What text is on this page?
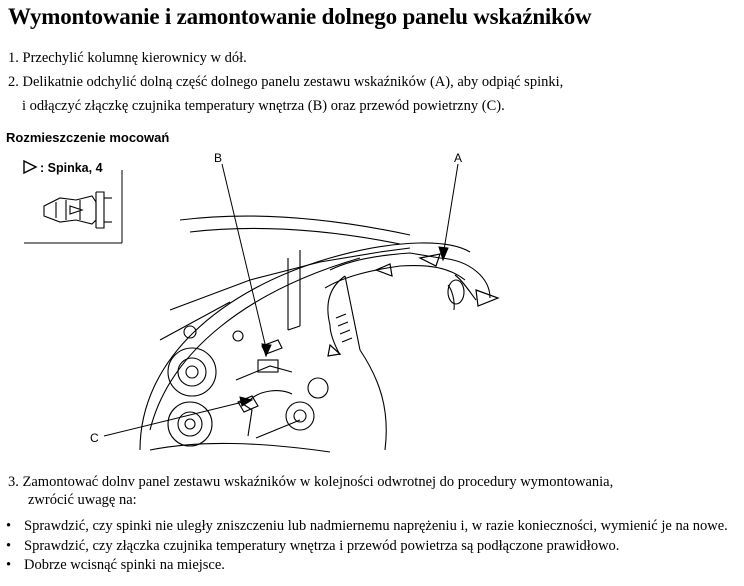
Wymontowanie i zamontowanie dolnego panelu wskaźników
1. Przechylić kolumnę kierownicy w dół.
2. Delikatnie odchylić dolną część dolnego panelu zestawu wskaźników (A), aby odpiąć spinki,
i odłączyć złączkę czujnika temperatury wnętrza (B) oraz przewód powietrzny (C).
Rozmieszczenie mocowań
: Spinka, 4
B	A
C
3. Zamontować dolnv panel zestawu wskaźników w kolejności odwrotnej do procedury wymontowania,
zwrócić uwagę na:
• Sprawdzić, czy spinki nie uległy zniszczeniu lub nadmiernemu naprężeniu i, w razie konieczności, wymienić je na nowe.
• Sprawdzić, czy złączka czujnika temperatury wnętrza i przewód powietrza są podłączone prawidłowo.
• Dobrze wcisnąć spinki na miejsce.
